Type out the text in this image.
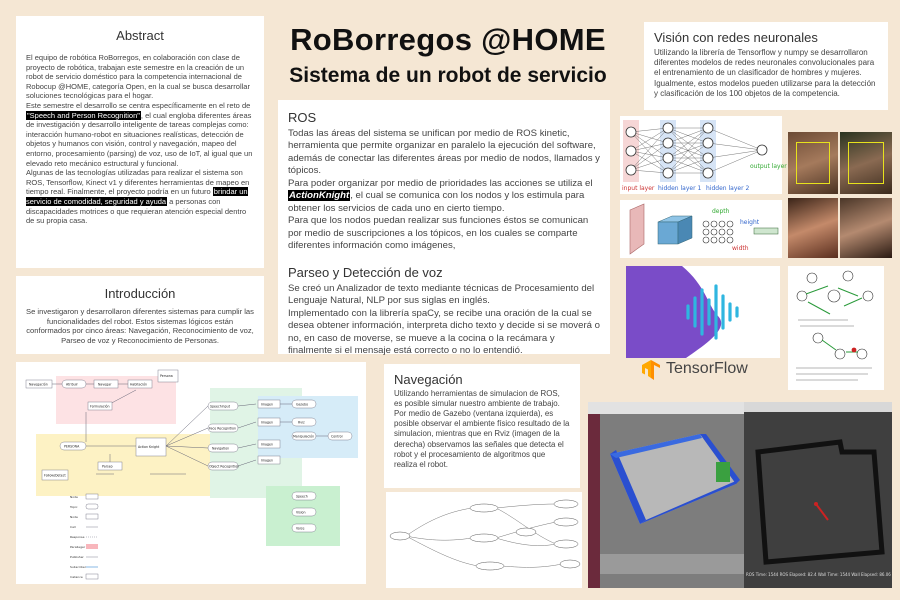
Abstract
El equipo de robótica RoBorregos, en colaboración con clase de proyecto de robótica, trabajan este semestre en la creación de un robot de servicio doméstico para la competencia internacional de Robocup @HOME, categoría Open, en la cual se busca desarrollar soluciones tecnológicas para el hogar.
Este semestre el desarrollo se centra específicamente en el reto de "Speech and Person Recognition", el cual engloba diferentes áreas de investigación y desarrollo inteligente de tareas complejas como: interacción humano-robot en situaciones realísticas, detección de objetos y humanos con visión, control y navegación, mapeo del entorno, procesamiento (parsing) de voz, uso de IoT, al igual que un elevado reto mecánico estructural y funcional.
Algunas de las tecnologías utilizadas para realizar el sistema son ROS, Tensorflow, Kinect v1 y diferentes herramientas de mapeo en tiempo real. Finalmente, el proyecto podría en un futuro brindar un servicio de comodidad, seguridad y ayuda a personas con discapacidades motrices o que requieran atención especial dentro de su propia casa.
Introducción
Se investigaron y desarrollaron diferentes sistemas para cumplir las funcionalidades del robot. Estos sistemas lógicos están conformados por cinco áreas: Navegación, Reconocimiento de voz, Parseo de voz y Reconocimiento de Personas.
RoBorregos @HOME
Sistema de un robot de servicio
ROS
Todas las áreas del sistema se unifican por medio de ROS kinetic, herramienta que permite organizar en paralelo la ejecución del software, además de conectar las diferentes áreas por medio de nodos, llamados y tópicos.
Para poder organizar por medio de prioridades las acciones se utiliza el ActionKnight, el cual se comunica con los nodos y los estimula para obtener los servicios de cada uno en cierto tiempo.
Para que los nodos puedan realizar sus funciones éstos se comunican por medio de suscripciones a los tópicos, en los cuales se comparte diferentes información como imágenes,
Parseo y Detección de voz
Se creó un Analizador de texto mediante técnicas de Procesamiento del Lenguaje Natural, NLP por sus siglas en inglés.
Implementado con la librería spaCy, se recibe una oración de la cual se desea obtener información, interpreta dicho texto y decide si se moverá o no, en caso de moverse, se mueve a la cocina o la recámara y finalmente si el mensaje está correcto o no lo entendió.
Visión con redes neuronales
Utilizando la librería de Tensorflow y numpy se desarrollaron diferentes modelos de redes neuronales convolucionales para el entrenamiento de un clasificador de hombres y mujeres. Igualmente, estos modelos pueden utilizarse para la detección y clasificación de los 100 objetos de la competencia.
input layer hidden layer 1 hidden layer 2
output layer
depth
height
width
TensorFlow
Navegación	Atribuir	Navegar	Habitación
Persona
Formulación
PERSONA
Parseo
Action Knight
Follow/Detect
Speechinput
Face Recognition
Navigation
Object Recognition
Imagen
Imagen
Imagen
Imagen
Gazebo
Rviz
Manipulación	Control
Speech
Vision
Voice
Node
Topic
Node
Call
Response
Paralleger
Publisher
Subscriber
Instance
Navegación
Utilizando herramientas de simulacion de ROS, es posible simular nuestro ambiente de trabajo. Por medio de Gazebo (ventana izquierda), es posible observar el ambiente físico resultado de la simulacion, mientras que en Rviz (imagen de la derecha) observamos las señales que detecta el robot y el procesamiento de algoritmos que realiza el robot.
ROS Time: 1544 ROS Elapsed: 82.4 Wall Time: 1544 Wall Elapsed: 86.06
